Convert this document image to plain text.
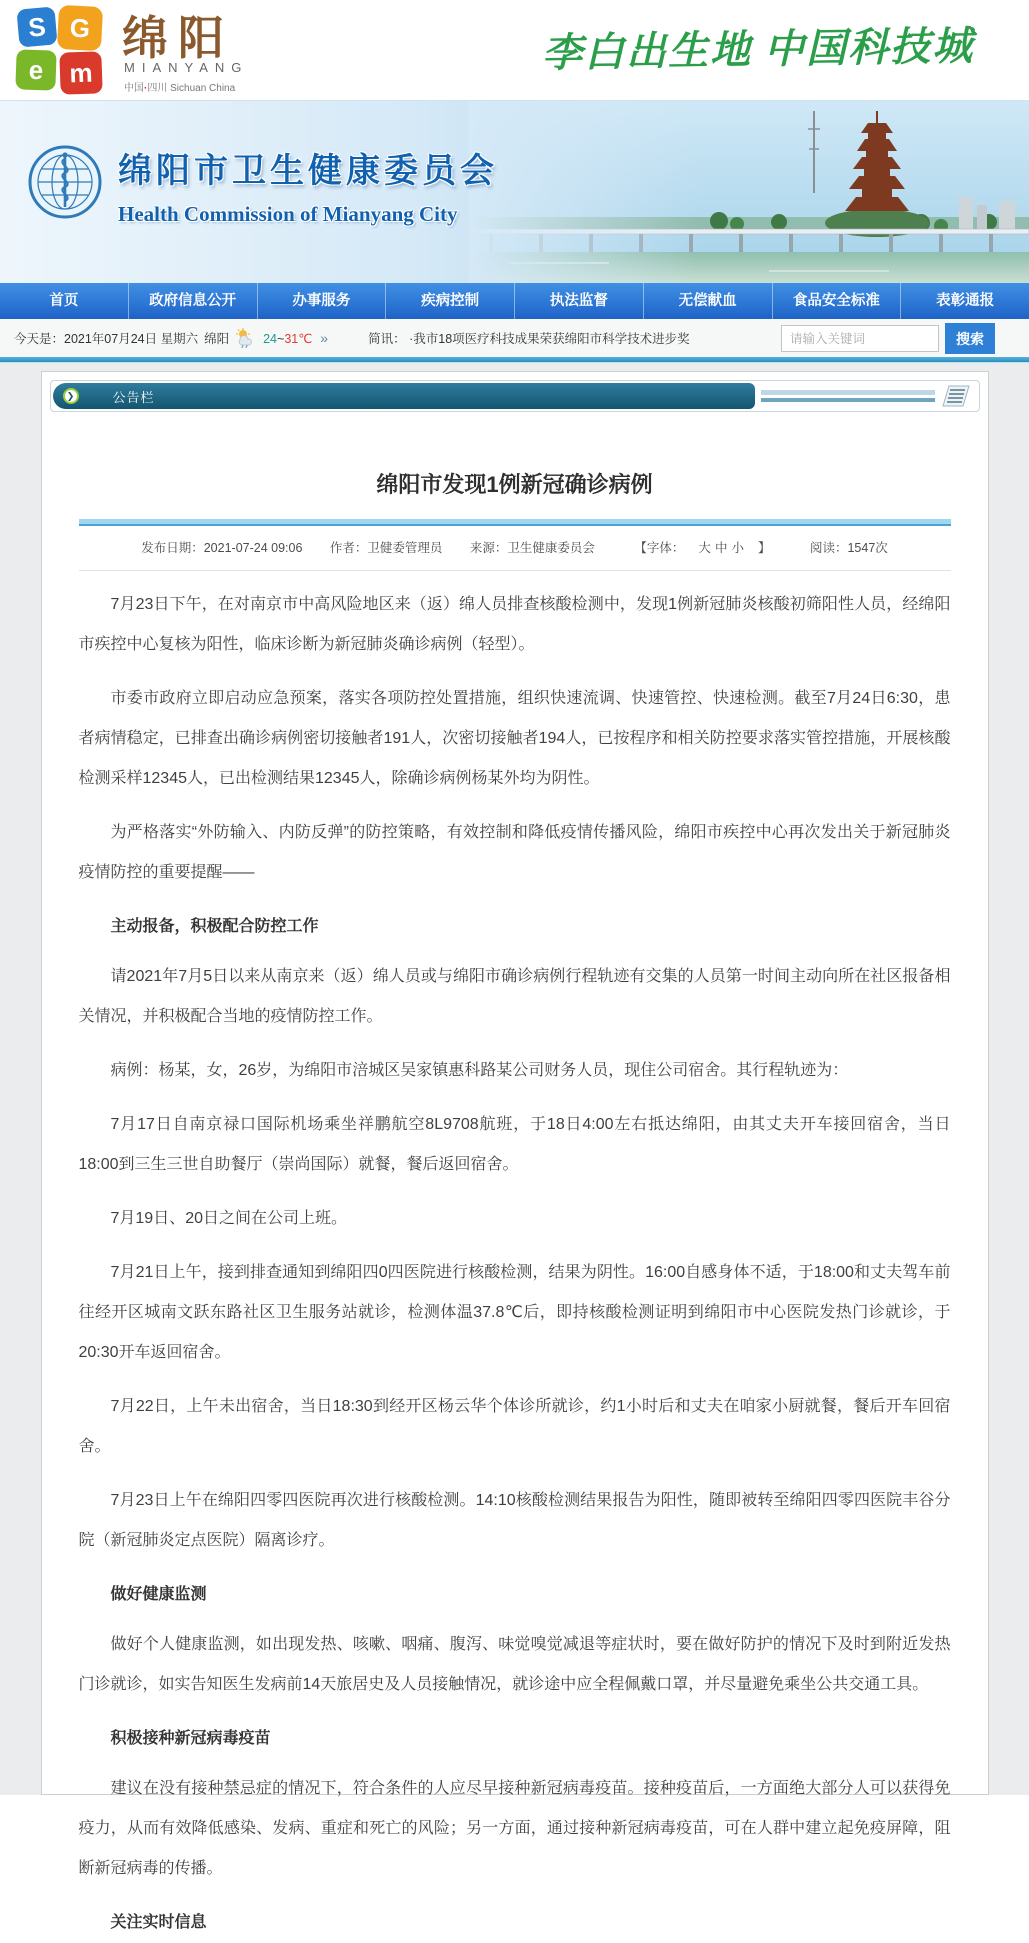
S G
e m
绵阳
MIANYANG
中国·四川 Sichuan China
李白出生地 中国科技城
绵阳市卫生健康委员会
Health Commission of Mianyang City
首页	政府信息公开	办事服务	疾病控制	执法监督	无偿献血	食品安全标准	表彰通报
今天是：2021年07月24日 星期六 绵阳	24~31℃ »	简讯： ·我市18项医疗科技成果荣获绵阳市科学技术进步奖
请输入关键词	搜索
❯	公告栏
绵阳市发现1例新冠确诊病例
发布日期：2021-07-24 09:06 作者：卫健委管理员 来源：卫生健康委员会	【字体： 大 中 小 】	阅读：1547次

7月23日下午，在对南京市中高风险地区来（返）绵人员排查核酸检测中，发现1例新冠肺炎核酸初筛阳性人员，经绵阳市疾控中心复核为阳性，临床诊断为新冠肺炎确诊病例（轻型）。

市委市政府立即启动应急预案，落实各项防控处置措施，组织快速流调、快速管控、快速检测。截至7月24日6:30，患者病情稳定，已排查出确诊病例密切接触者191人，次密切接触者194人，已按程序和相关防控要求落实管控措施，开展核酸检测采样12345人，已出检测结果12345人，除确诊病例杨某外均为阴性。

为严格落实“外防输入、内防反弹”的防控策略，有效控制和降低疫情传播风险，绵阳市疾控中心再次发出关于新冠肺炎疫情防控的重要提醒——

主动报备，积极配合防控工作

请2021年7月5日以来从南京来（返）绵人员或与绵阳市确诊病例行程轨迹有交集的人员第一时间主动向所在社区报备相关情况，并积极配合当地的疫情防控工作。

病例：杨某，女，26岁，为绵阳市涪城区吴家镇惠科路某公司财务人员，现住公司宿舍。其行程轨迹为：

7月17日自南京禄口国际机场乘坐祥鹏航空8L9708航班，于18日4:00左右抵达绵阳，由其丈夫开车接回宿舍，当日18:00到三生三世自助餐厅（崇尚国际）就餐，餐后返回宿舍。

7月19日、20日之间在公司上班。

7月21日上午，接到排查通知到绵阳四0四医院进行核酸检测，结果为阴性。16:00自感身体不适，于18:00和丈夫驾车前往经开区城南文跃东路社区卫生服务站就诊，检测体温37.8℃后，即持核酸检测证明到绵阳市中心医院发热门诊就诊，于20:30开车返回宿舍。

7月22日，上午未出宿舍，当日18:30到经开区杨云华个体诊所就诊，约1小时后和丈夫在咱家小厨就餐，餐后开车回宿舍。

7月23日上午在绵阳四零四医院再次进行核酸检测。14:10核酸检测结果报告为阳性，随即被转至绵阳四零四医院丰谷分院（新冠肺炎定点医院）隔离诊疗。

做好健康监测

做好个人健康监测，如出现发热、咳嗽、咽痛、腹泻、味觉嗅觉减退等症状时，要在做好防护的情况下及时到附近发热门诊就诊，如实告知医生发病前14天旅居史及人员接触情况，就诊途中应全程佩戴口罩，并尽量避免乘坐公共交通工具。

积极接种新冠病毒疫苗

建议在没有接种禁忌症的情况下，符合条件的人应尽早接种新冠病毒疫苗。接种疫苗后，一方面绝大部分人可以获得免疫力，从而有效降低感染、发病、重症和死亡的风险；另一方面，通过接种新冠病毒疫苗，可在人群中建立起免疫屏障，阻断新冠病毒的传播。

关注实时信息
